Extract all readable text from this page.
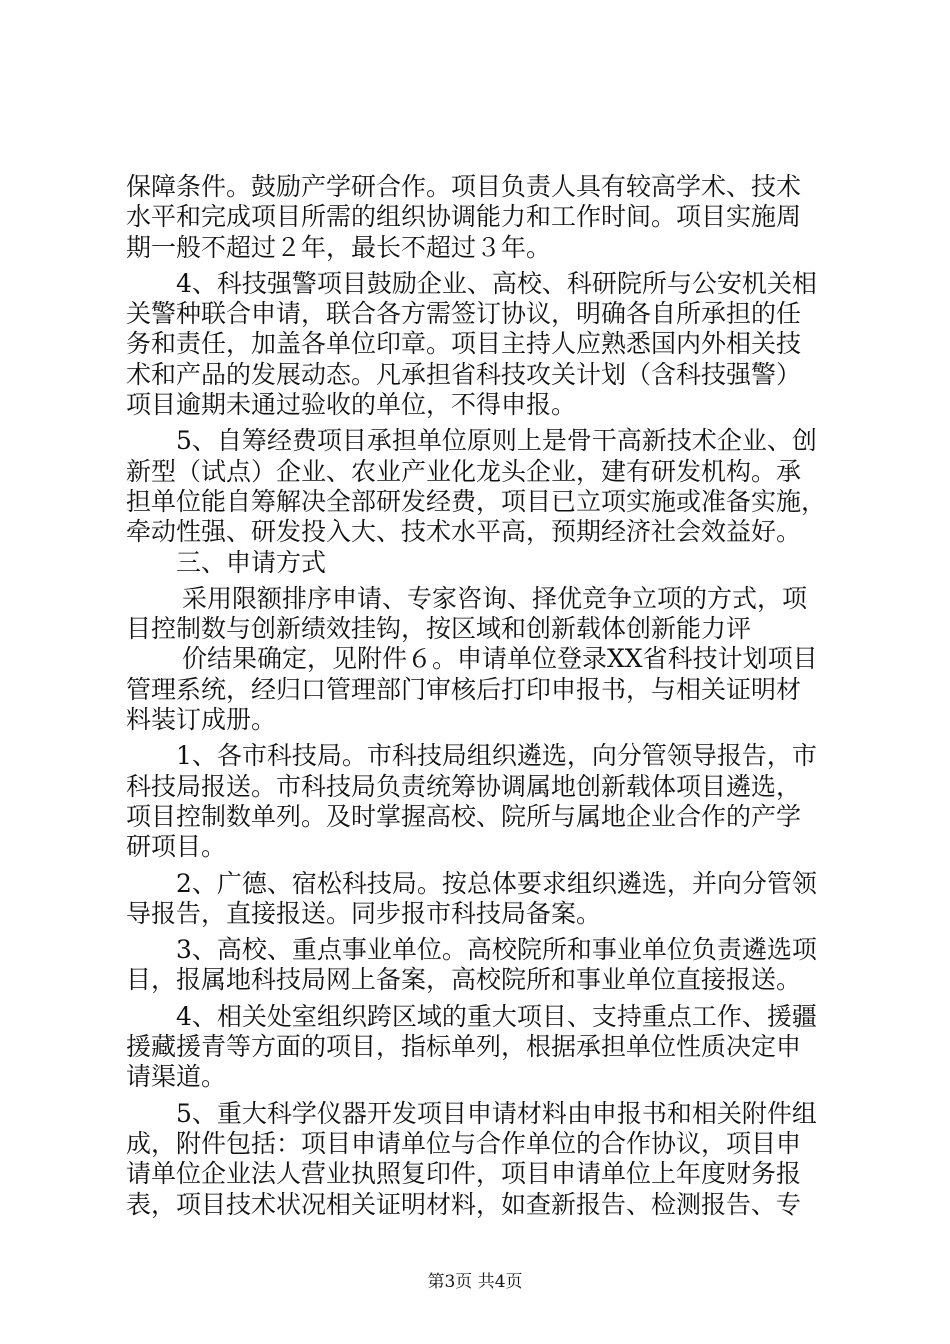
保障条件。鼓励产学研合作。项目负责人具有较高学术、技术
水平和完成项目所需的组织协调能力和工作时间。项目实施周
期一般不超过２年，最长不超过３年。
4、科技强警项目鼓励企业、高校、科研院所与公安机关相
关警种联合申请，联合各方需签订协议，明确各自所承担的任
务和责任，加盖各单位印章。项目主持人应熟悉国内外相关技
术和产品的发展动态。凡承担省科技攻关计划（含科技强警）
项目逾期未通过验收的单位，不得申报。
5、自筹经费项目承担单位原则上是骨干高新技术企业、创
新型（试点）企业、农业产业化龙头企业，建有研发机构。承
担单位能自筹解决全部研发经费，项目已立项实施或准备实施，
牵动性强、研发投入大、技术水平高，预期经济社会效益好。
三、申请方式
采用限额排序申请、专家咨询、择优竞争立项的方式，项
目控制数与创新绩效挂钩，按区域和创新载体创新能力评
价结果确定，见附件６。申请单位登录XX省科技计划项目
管理系统，经归口管理部门审核后打印申报书，与相关证明材
料装订成册。
1、各市科技局。市科技局组织遴选，向分管领导报告，市
科技局报送。市科技局负责统筹协调属地创新载体项目遴选，
项目控制数单列。及时掌握高校、院所与属地企业合作的产学
研项目。
2、广德、宿松科技局。按总体要求组织遴选，并向分管领
导报告，直接报送。同步报市科技局备案。
3、高校、重点事业单位。高校院所和事业单位负责遴选项
目，报属地科技局网上备案，高校院所和事业单位直接报送。
4、相关处室组织跨区域的重大项目、支持重点工作、援疆
援藏援青等方面的项目，指标单列，根据承担单位性质决定申
请渠道。
5、重大科学仪器开发项目申请材料由申报书和相关附件组
成，附件包括：项目申请单位与合作单位的合作协议，项目申
请单位企业法人营业执照复印件，项目申请单位上年度财务报
表，项目技术状况相关证明材料，如查新报告、检测报告、专
第3页 共4页
